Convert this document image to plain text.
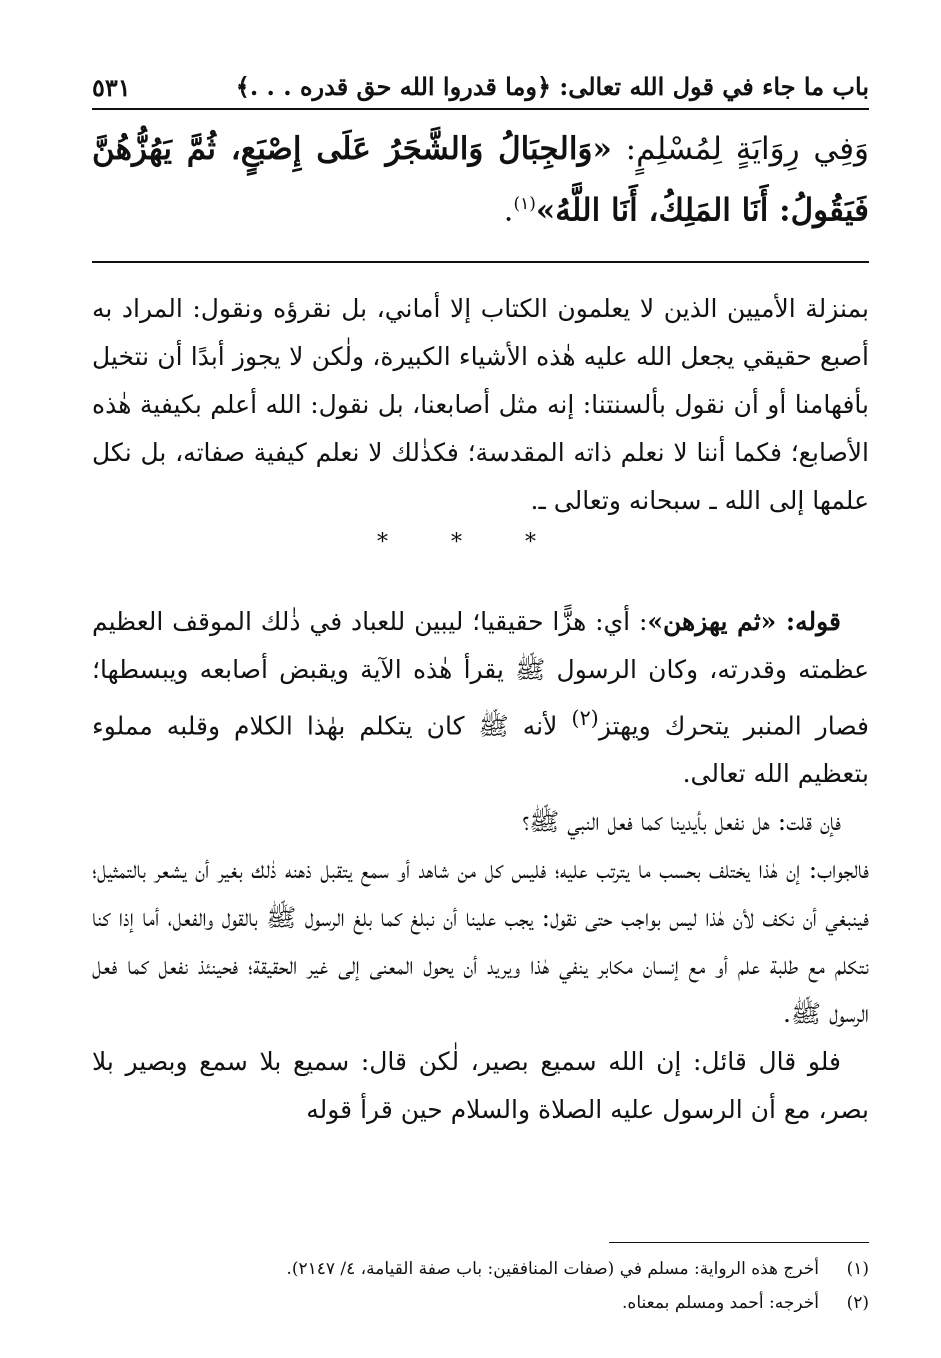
باب ما جاء في قول الله تعالى: ﴿وما قدروا الله حق قدره . . .﴾
٥٣١
وَفِي رِوَايَةٍ لِمُسْلِمٍ: «وَالجِبَالُ وَالشَّجَرُ عَلَى إِصْبَعٍ، ثُمَّ يَهُزُّهُنَّ فَيَقُولُ: أَنَا المَلِكُ، أَنَا اللَّهُ»$^{(١)}$.
بمنزلة الأميين الذين لا يعلمون الكتاب إلا أماني، بل نقرؤه ونقول: المراد به أصبع حقيقي يجعل الله عليه هٰذه الأشياء الكبيرة، ولٰكن لا يجوز أبدًا أن نتخيل بأفهامنا أو أن نقول بألسنتنا: إنه مثل أصابعنا، بل نقول: الله أعلم بكيفية هٰذه الأصابع؛ فكما أننا لا نعلم ذاته المقدسة؛ فكذٰلك لا نعلم كيفية صفاته، بل نكل علمها إلى الله ـ سبحانه وتعالى ـ.
* * *

قوله: «ثم يهزهن»: أي: هزًّا حقيقيا؛ ليبين للعباد في ذٰلك الموقف العظيم عظمته وقدرته، وكان الرسول ﷺ يقرأ هٰذه الآية ويقبض أصابعه ويبسطها؛ فصار المنبر يتحرك ويهتز$^{(٢)}$ لأنه ﷺ كان يتكلم بهٰذا الكلام وقلبه مملوء بتعظيم الله تعالى.

فإن قلت: هل نفعل بأيدينا كما فعل النبي ﷺ؟

فالجواب: إن هٰذا يختلف بحسب ما يترتب عليه؛ فليس كل من شاهد أو سمع يتقبل ذهنه ذٰلك بغير أن يشعر بالتمثيل؛ فينبغي أن نكف لأن هٰذا ليس بواجب حتى نقول: يجب علينا أن نبلغ كما بلغ الرسول ﷺ بالقول والفعل، أما إذا كنا نتكلم مع طلبة علم أو مع إنسان مكابر ينفي هٰذا ويريد أن يحول المعنى إلى غير الحقيقة؛ فحينئذ نفعل كما فعل الرسول ﷺ.

فلو قال قائل: إن الله سميع بصير، لٰكن قال: سميع بلا سمع وبصير بلا بصر، مع أن الرسول عليه الصلاة والسلام حين قرأ قوله

(١)
أخرج هذه الرواية: مسلم في (صفات المنافقين: باب صفة القيامة، ٤/ ٢١٤٧).
(٢)
أخرجه: أحمد ومسلم بمعناه.
